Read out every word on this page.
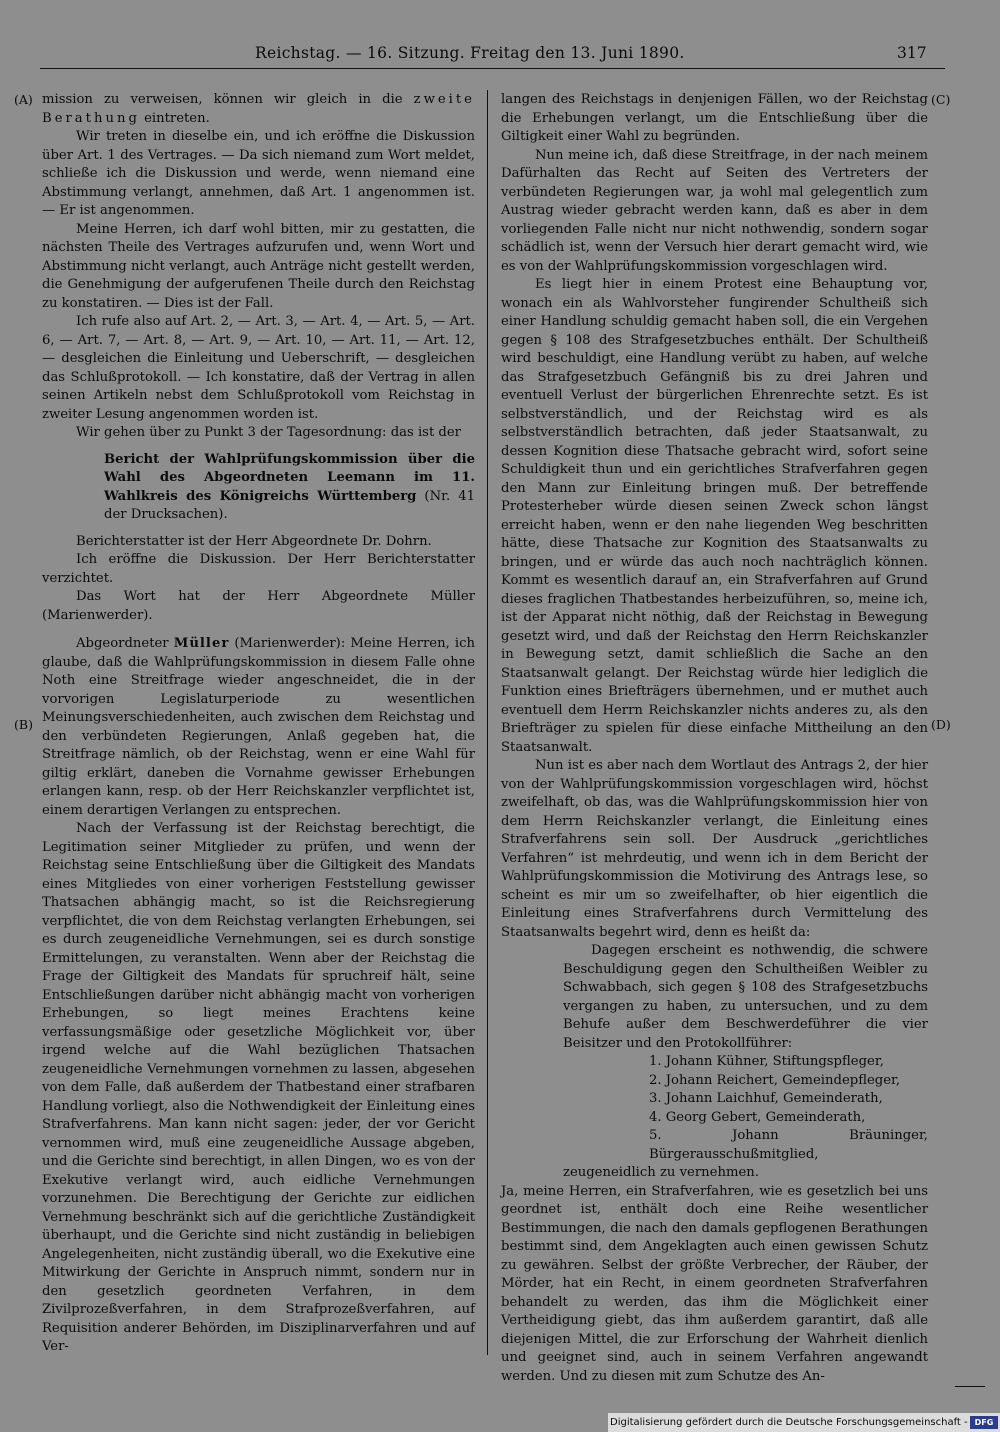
Reichstag. — 16. Sitzung. Freitag den 13. Juni 1890.	317
(A)
(B)
(C)
(D)

mission zu verweisen, können wir gleich in die zweite Berathung eintreten.

Wir treten in dieselbe ein, und ich eröffne die Diskussion über Art. 1 des Vertrages. — Da sich niemand zum Wort meldet, schließe ich die Diskussion und werde, wenn niemand eine Abstimmung verlangt, annehmen, daß Art. 1 angenommen ist. — Er ist angenommen.

Meine Herren, ich darf wohl bitten, mir zu gestatten, die nächsten Theile des Vertrages aufzurufen und, wenn Wort und Abstimmung nicht verlangt, auch Anträge nicht gestellt werden, die Genehmigung der aufgerufenen Theile durch den Reichstag zu konstatiren. — Dies ist der Fall.

Ich rufe also auf Art. 2, — Art. 3, — Art. 4, — Art. 5, — Art. 6, — Art. 7, — Art. 8, — Art. 9, — Art. 10, — Art. 11, — Art. 12, — desgleichen die Einleitung und Ueberschrift, — desgleichen das Schlußprotokoll. — Ich konstatire, daß der Vertrag in allen seinen Artikeln nebst dem Schlußprotokoll vom Reichstag in zweiter Lesung angenommen worden ist.

Wir gehen über zu Punkt 3 der Tagesordnung: das ist der

Bericht der Wahlprüfungskommission über die Wahl des Abgeordneten Leemann im 11. Wahlkreis des Königreichs Württemberg (Nr. 41 der Drucksachen).

Berichterstatter ist der Herr Abgeordnete Dr. Dohrn.

Ich eröffne die Diskussion. Der Herr Berichterstatter verzichtet.

Das Wort hat der Herr Abgeordnete Müller (Marienwerder).

Abgeordneter Müller (Marienwerder): Meine Herren, ich glaube, daß die Wahlprüfungskommission in diesem Falle ohne Noth eine Streitfrage wieder angeschneidet, die in der vorvorigen Legislaturperiode zu wesentlichen Meinungsverschiedenheiten, auch zwischen dem Reichstag und den verbündeten Regierungen, Anlaß gegeben hat, die Streitfrage nämlich, ob der Reichstag, wenn er eine Wahl für giltig erklärt, daneben die Vornahme gewisser Erhebungen erlangen kann, resp. ob der Herr Reichskanzler verpflichtet ist, einem derartigen Verlangen zu entsprechen.

Nach der Verfassung ist der Reichstag berechtigt, die Legitimation seiner Mitglieder zu prüfen, und wenn der Reichstag seine Entschließung über die Giltigkeit des Mandats eines Mitgliedes von einer vorherigen Feststellung gewisser Thatsachen abhängig macht, so ist die Reichsregierung verpflichtet, die von dem Reichstag verlangten Erhebungen, sei es durch zeugeneidliche Vernehmungen, sei es durch sonstige Ermittelungen, zu veranstalten. Wenn aber der Reichstag die Frage der Giltigkeit des Mandats für spruchreif hält, seine Entschließungen darüber nicht abhängig macht von vorherigen Erhebungen, so liegt meines Erachtens keine verfassungsmäßige oder gesetzliche Möglichkeit vor, über irgend welche auf die Wahl bezüglichen Thatsachen zeugeneidliche Vernehmungen vornehmen zu lassen, abgesehen von dem Falle, daß außerdem der Thatbestand einer strafbaren Handlung vorliegt, also die Nothwendigkeit der Einleitung eines Strafverfahrens. Man kann nicht sagen: jeder, der vor Gericht vernommen wird, muß eine zeugeneidliche Aussage abgeben, und die Gerichte sind berechtigt, in allen Dingen, wo es von der Exekutive verlangt wird, auch eidliche Vernehmungen vorzunehmen. Die Berechtigung der Gerichte zur eidlichen Vernehmung beschränkt sich auf die gerichtliche Zuständigkeit überhaupt, und die Gerichte sind nicht zuständig in beliebigen Angelegenheiten, nicht zuständig überall, wo die Exekutive eine Mitwirkung der Gerichte in Anspruch nimmt, sondern nur in den gesetzlich geordneten Verfahren, in dem Zivilprozeßverfahren, in dem Strafprozeßverfahren, auf Requisition anderer Behörden, im Disziplinarverfahren und auf Ver-

langen des Reichstags in denjenigen Fällen, wo der Reichstag die Erhebungen verlangt, um die Entschließung über die Giltigkeit einer Wahl zu begründen.

Nun meine ich, daß diese Streitfrage, in der nach meinem Dafürhalten das Recht auf Seiten des Vertreters der verbündeten Regierungen war, ja wohl mal gelegentlich zum Austrag wieder gebracht werden kann, daß es aber in dem vorliegenden Falle nicht nur nicht nothwendig, sondern sogar schädlich ist, wenn der Versuch hier derart gemacht wird, wie es von der Wahlprüfungskommission vorgeschlagen wird.

Es liegt hier in einem Protest eine Behauptung vor, wonach ein als Wahlvorsteher fungirender Schultheiß sich einer Handlung schuldig gemacht haben soll, die ein Vergehen gegen § 108 des Strafgesetzbuches enthält. Der Schultheiß wird beschuldigt, eine Handlung verübt zu haben, auf welche das Strafgesetzbuch Gefängniß bis zu drei Jahren und eventuell Verlust der bürgerlichen Ehrenrechte setzt. Es ist selbstverständlich, und der Reichstag wird es als selbstverständlich betrachten, daß jeder Staatsanwalt, zu dessen Kognition diese Thatsache gebracht wird, sofort seine Schuldigkeit thun und ein gerichtliches Strafverfahren gegen den Mann zur Einleitung bringen muß. Der betreffende Protesterheber würde diesen seinen Zweck schon längst erreicht haben, wenn er den nahe liegenden Weg beschritten hätte, diese Thatsache zur Kognition des Staatsanwalts zu bringen, und er würde das auch noch nachträglich können. Kommt es wesentlich darauf an, ein Strafverfahren auf Grund dieses fraglichen Thatbestandes herbeizuführen, so, meine ich, ist der Apparat nicht nöthig, daß der Reichstag in Bewegung gesetzt wird, und daß der Reichstag den Herrn Reichskanzler in Bewegung setzt, damit schließlich die Sache an den Staatsanwalt gelangt. Der Reichstag würde hier lediglich die Funktion eines Briefträgers übernehmen, und er muthet auch eventuell dem Herrn Reichskanzler nichts anderes zu, als den Briefträger zu spielen für diese einfache Mittheilung an den Staatsanwalt.

Nun ist es aber nach dem Wortlaut des Antrags 2, der hier von der Wahlprüfungskommission vorgeschlagen wird, höchst zweifelhaft, ob das, was die Wahlprüfungskommission hier von dem Herrn Reichskanzler verlangt, die Einleitung eines Strafverfahrens sein soll. Der Ausdruck „gerichtliches Verfahren“ ist mehrdeutig, und wenn ich in dem Bericht der Wahlprüfungskommission die Motivirung des Antrags lese, so scheint es mir um so zweifelhafter, ob hier eigentlich die Einleitung eines Strafverfahrens durch Vermittelung des Staatsanwalts begehrt wird, denn es heißt da:

Dagegen erscheint es nothwendig, die schwere Beschuldigung gegen den Schultheißen Weibler zu Schwabbach, sich gegen § 108 des Strafgesetzbuchs vergangen zu haben, zu untersuchen, und zu dem Behufe außer dem Beschwerdeführer die vier Beisitzer und den Protokollführer:

1. Johann Kühner, Stiftungspfleger,
2. Johann Reichert, Gemeindepfleger,
3. Johann Laichhuf, Gemeinderath,
4. Georg Gebert, Gemeinderath,
5. Johann Bräuninger, Bürgerausschußmitglied,

zeugeneidlich zu vernehmen.

Ja, meine Herren, ein Strafverfahren, wie es gesetzlich bei uns geordnet ist, enthält doch eine Reihe wesentlicher Bestimmungen, die nach den damals gepflogenen Berathungen bestimmt sind, dem Angeklagten auch einen gewissen Schutz zu gewähren. Selbst der größte Verbrecher, der Räuber, der Mörder, hat ein Recht, in einem geordneten Strafverfahren behandelt zu werden, das ihm die Möglichkeit einer Vertheidigung giebt, das ihm außerdem garantirt, daß alle diejenigen Mittel, die zur Erforschung der Wahrheit dienlich und geeignet sind, auch in seinem Verfahren angewandt werden. Und zu diesen mit zum Schutze des An-

Digitalisierung gefördert durch die Deutsche Forschungsgemeinschaft - DFG
